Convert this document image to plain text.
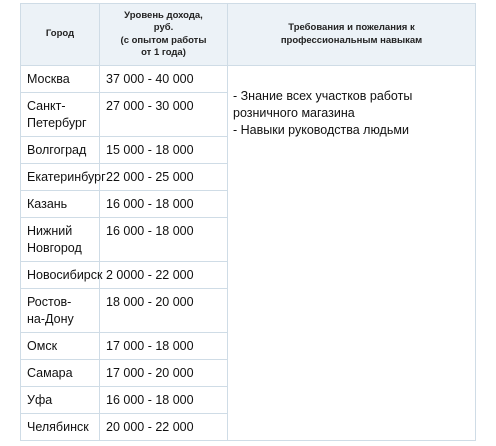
Город	Уровень дохода,
руб.
(с опытом работы
от 1 года)	Требования и пожелания к
профессиональным навыкам

Москва	37 000 - 40 000	- Знание всех участков работы
розничного магазина
- Навыки руководства людьми

Санкт-
Петербург	27 000 - 30 000	
Волгоград	15 000 - 18 000	
Екатеринбург	22 000 - 25 000	
Казань	16 000 - 18 000	

Нижний
Новгород	16 000 - 18 000	
Новосибирск	2 0000 - 22 000	

Ростов-
на-Дону	18 000 - 20 000	
Омск	17 000 - 18 000	
Самара	17 000 - 20 000	
Уфа	16 000 - 18 000	
Челябинск	20 000 - 22 000	
